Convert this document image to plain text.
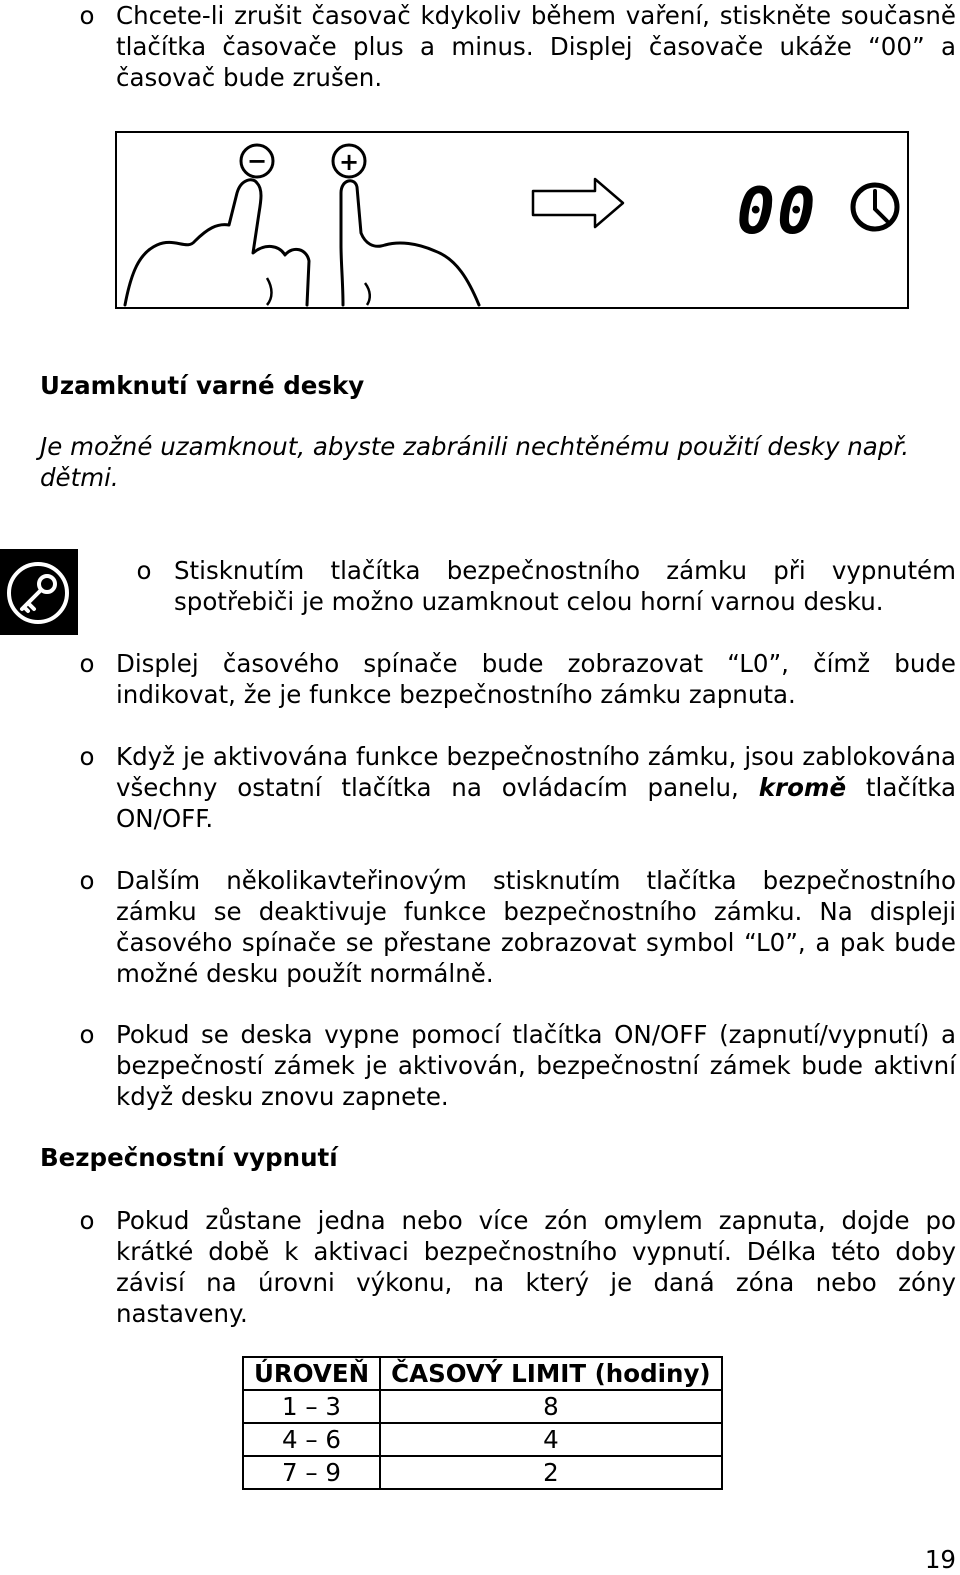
o Chcete-li zrušit časovač kdykoliv během vaření, stiskněte současně tlačítka časovače plus a minus. Displej časovače ukáže “00” a časovač bude zrušen.
−	+
00
Uzamknutí varné desky
Je možné uzamknout, abyste zabránili nechtěnému použití desky např. dětmi.
o Stisknutím tlačítka bezpečnostního zámku při vypnutém spotřebiči je možno uzamknout celou horní varnou desku.
o Displej časového spínače bude zobrazovat “L0”, čímž bude indikovat, že je funkce bezpečnostního zámku zapnuta.
o Když je aktivována funkce bezpečnostního zámku, jsou zablokována všechny ostatní tlačítka na ovládacím panelu, kromě tlačítka ON/OFF.
o Dalším několikavteřinovým stisknutím tlačítka bezpečnostního zámku se deaktivuje funkce bezpečnostního zámku. Na displeji časového spínače se přestane zobrazovat symbol “L0”, a pak bude možné desku použít normálně.
o Pokud se deska vypne pomocí tlačítka ON/OFF (zapnutí/vypnutí) a bezpečností zámek je aktivován, bezpečnostní zámek bude aktivní když desku znovu zapnete.
Bezpečnostní vypnutí
o Pokud zůstane jedna nebo více zón omylem zapnuta, dojde po krátké době k aktivaci bezpečnostního vypnutí. Délka této doby závisí na úrovni výkonu, na který je daná zóna nebo zóny nastaveny.
ÚROVEŇ	ČASOVÝ LIMIT (hodiny)
1 – 3	8
4 – 6	4
7 – 9	2
19
